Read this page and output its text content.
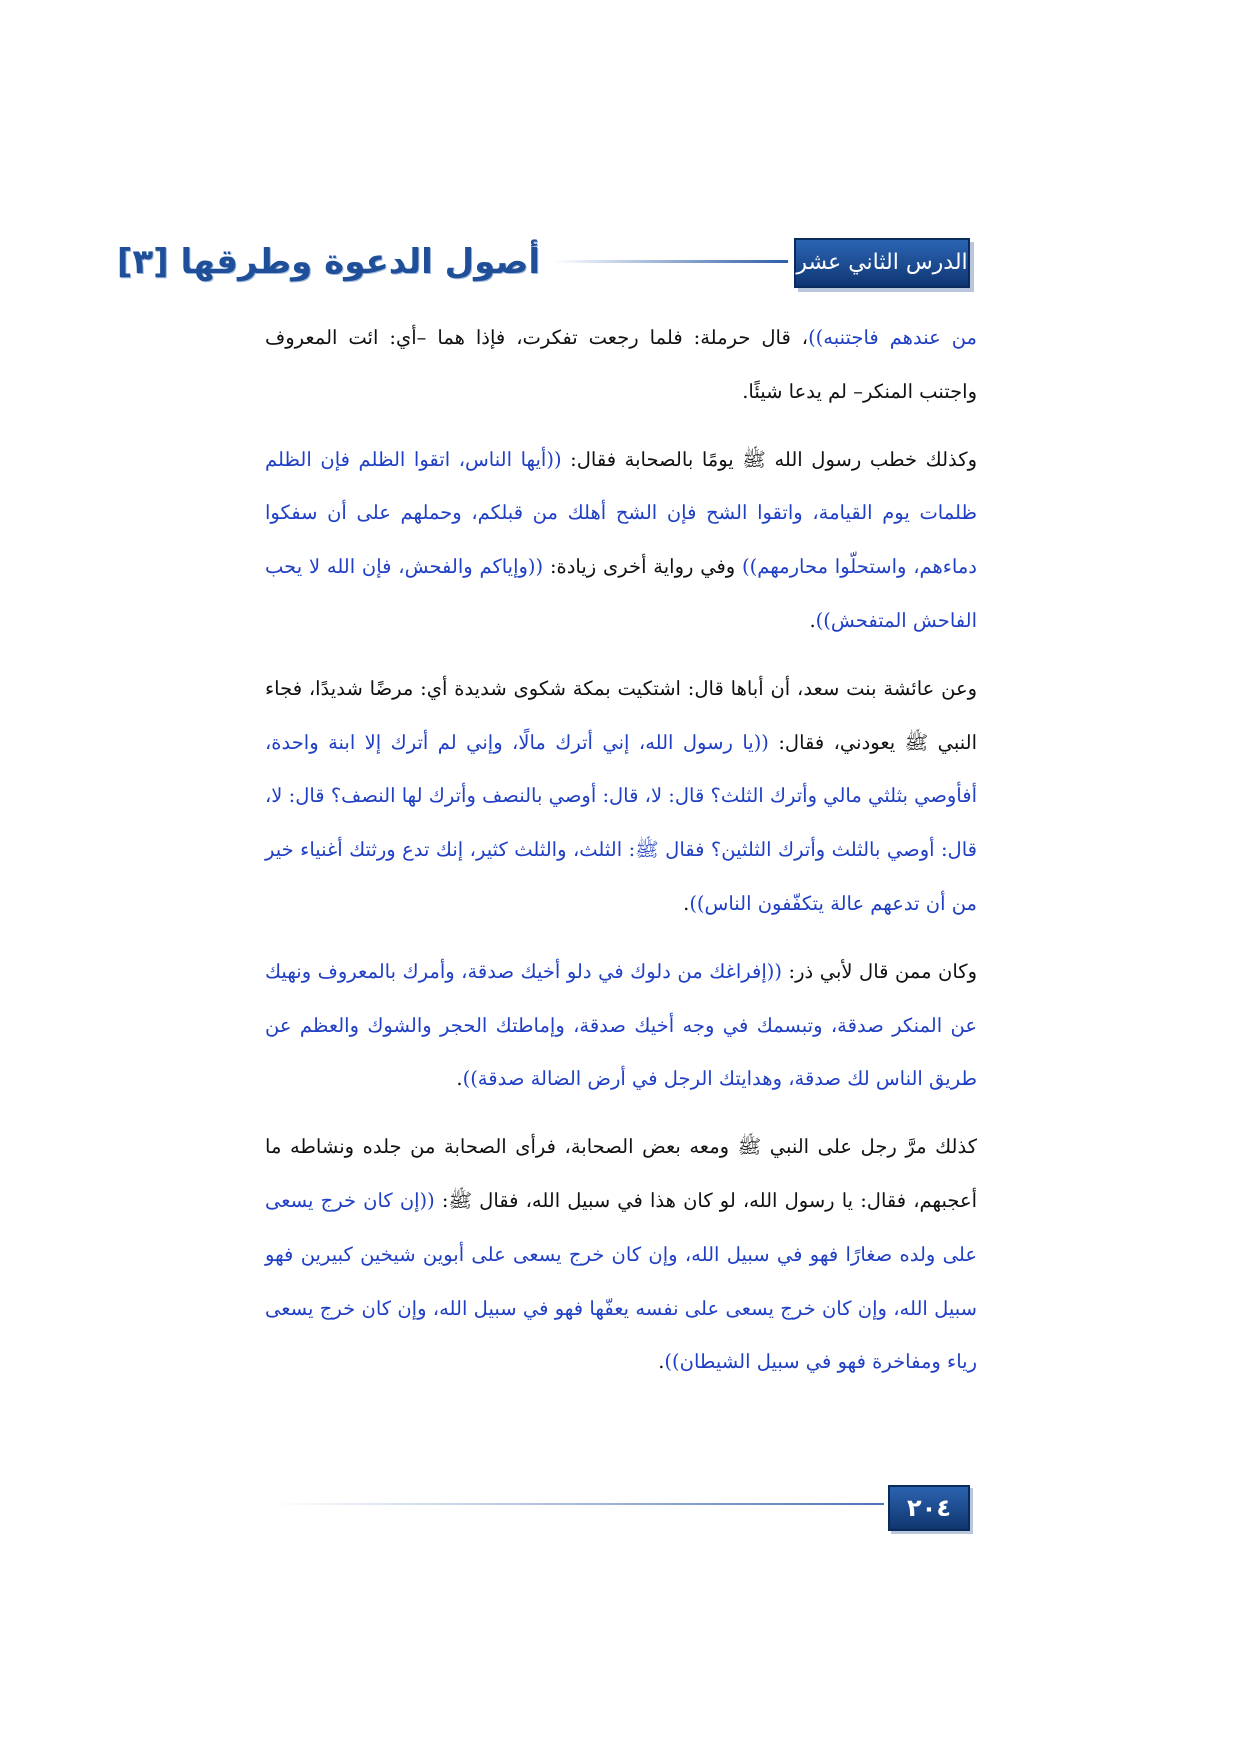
أصول الدعوة وطرقها [٣]	الدرس الثاني عشر

من عندهم فاجتنبه))، قال حرملة: فلما رجعت تفكرت، فإذا هما –أي: ائت المعروف واجتنب المنكر– لم يدعا شيئًا.

وكذلك خطب رسول الله ﷺ يومًا بالصحابة فقال: ((أيها الناس، اتقوا الظلم فإن الظلم ظلمات يوم القيامة، واتقوا الشح فإن الشح أهلك من قبلكم، وحملهم على أن سفكوا دماءهم، واستحلّوا محارمهم)) وفي رواية أخرى زيادة: ((وإياكم والفحش، فإن الله لا يحب الفاحش المتفحش)).

وعن عائشة بنت سعد، أن أباها قال: اشتكيت بمكة شكوى شديدة أي: مرضًا شديدًا، فجاء النبي ﷺ يعودني، فقال: ((يا رسول الله، إني أترك مالًا، وإني لم أترك إلا ابنة واحدة، أفأوصي بثلثي مالي وأترك الثلث؟ قال: لا، قال: أوصي بالنصف وأترك لها النصف؟ قال: لا، قال: أوصي بالثلث وأترك الثلثين؟ فقال ﷺ: الثلث، والثلث كثير، إنك تدع ورثتك أغنياء خير من أن تدعهم عالة يتكفّفون الناس)).

وكان ممن قال لأبي ذر: ((إفراغك من دلوك في دلو أخيك صدقة، وأمرك بالمعروف ونهيك عن المنكر صدقة، وتبسمك في وجه أخيك صدقة، وإماطتك الحجر والشوك والعظم عن طريق الناس لك صدقة، وهدايتك الرجل في أرض الضالة صدقة)).

كذلك مرَّ رجل على النبي ﷺ ومعه بعض الصحابة، فرأى الصحابة من جلده ونشاطه ما أعجبهم، فقال: يا رسول الله، لو كان هذا في سبيل الله، فقال ﷺ: ((إن كان خرج يسعى على ولده صغارًا فهو في سبيل الله، وإن كان خرج يسعى على أبوين شيخين كبيرين فهو سبيل الله، وإن كان خرج يسعى على نفسه يعفّها فهو في سبيل الله، وإن كان خرج يسعى رياء ومفاخرة فهو في سبيل الشيطان)).

٢٠٤
